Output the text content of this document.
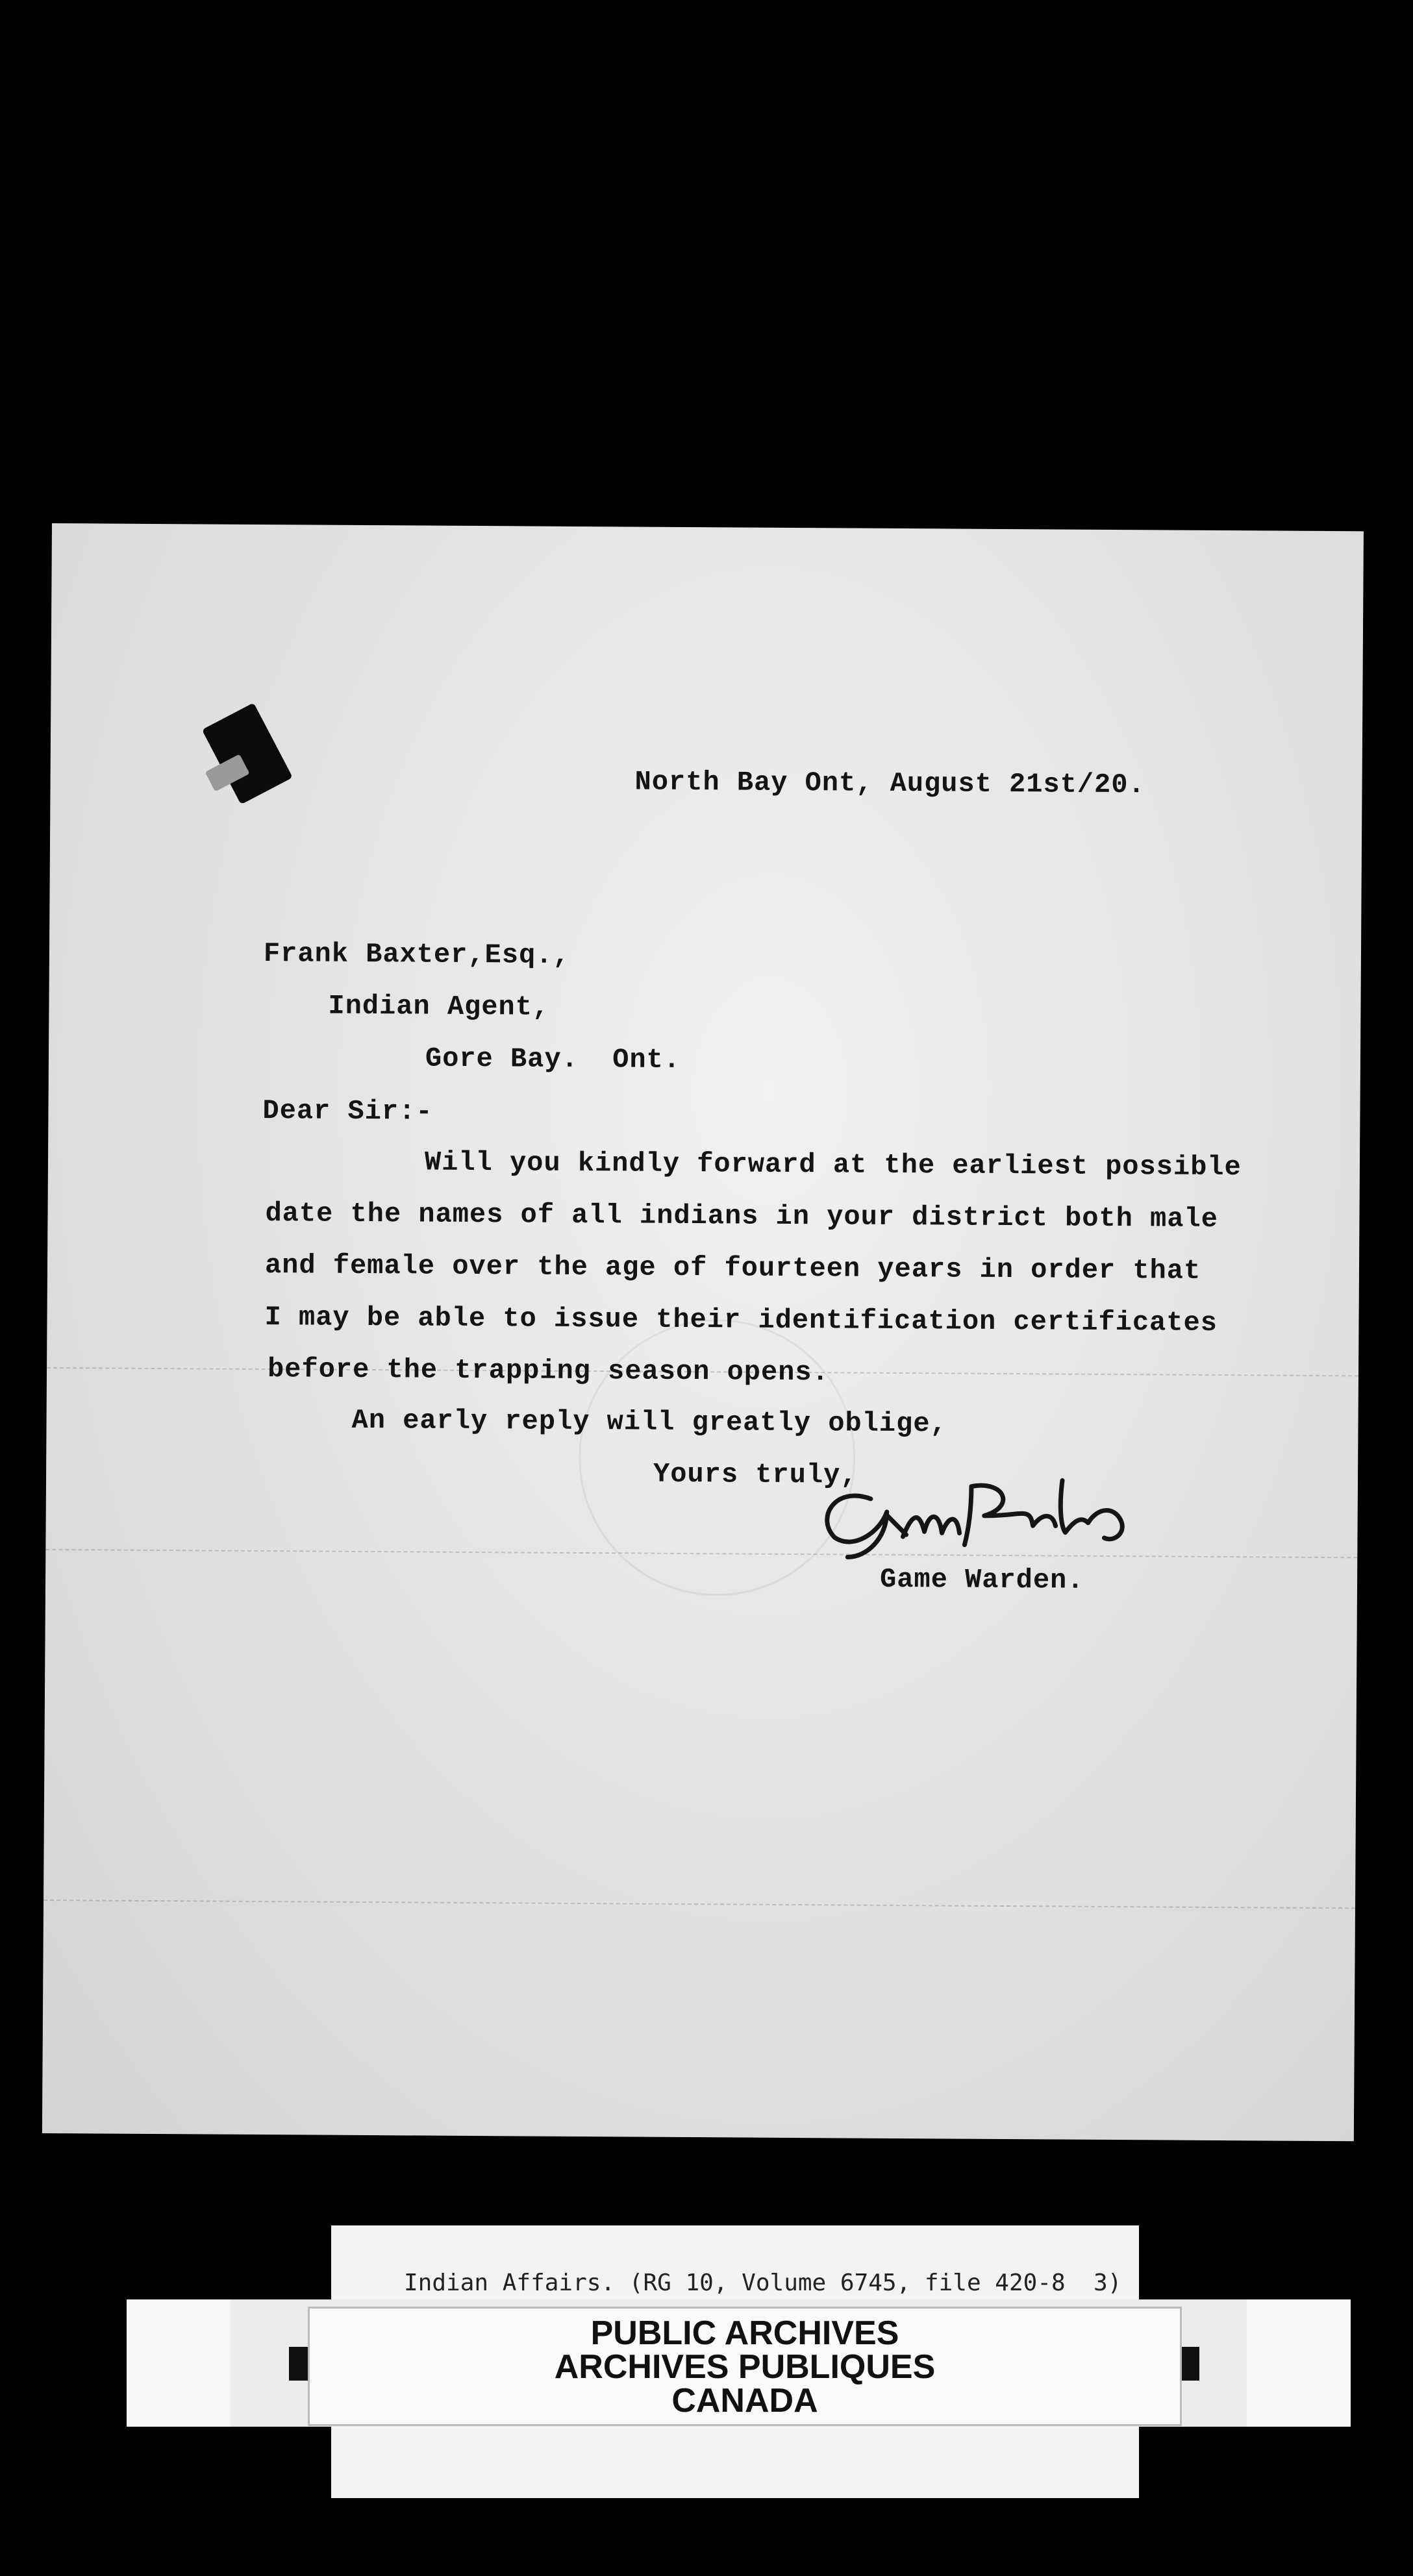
North Bay Ont, August 21st/20.
Frank Baxter,Esq.,
Indian Agent,
Gore Bay.  Ont.
Dear Sir:-
Will you kindly forward at the earliest possible
date the names of all indians in your district both male
and female over the age of fourteen years in order that
I may be able to issue their identification certificates
before the trapping season opens.
An early reply will greatly oblige,
Yours truly,
Game Warden.
Indian Affairs. (RG 10, Volume 6745, file 420-8  3)
PUBLIC ARCHIVES
ARCHIVES PUBLIQUES
CANADA
